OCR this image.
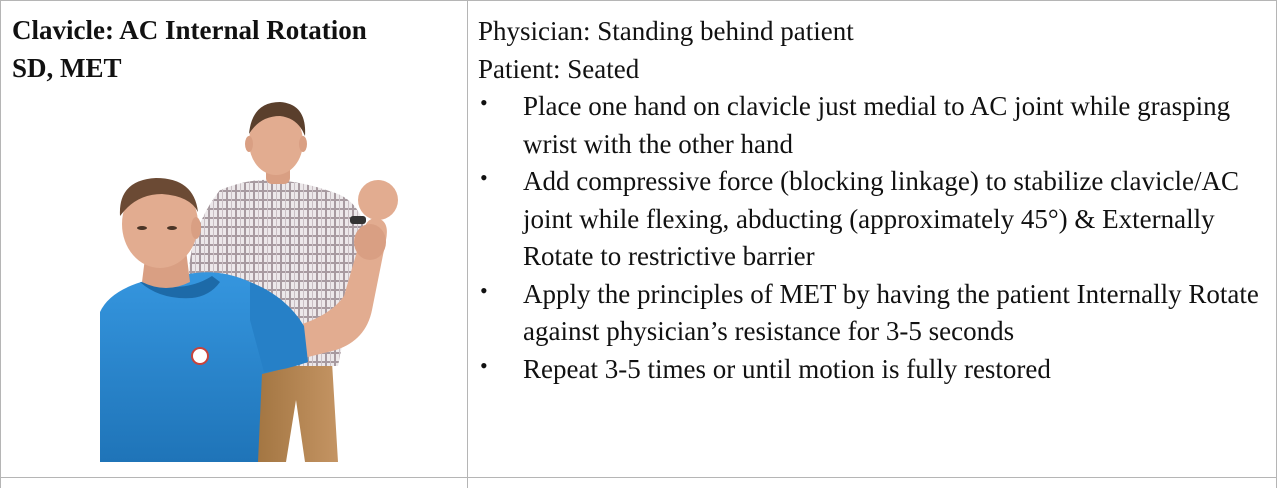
Clavicle: AC Internal Rotation
SD, MET
Physician: Standing behind patient
Patient: Seated
• Place one hand on clavicle just medial to AC joint while grasping wrist with the other hand
• Add compressive force (blocking linkage) to stabilize clavicle/AC joint while flexing, abducting (approximately 45°) & Externally Rotate to restrictive barrier
• Apply the principles of MET by having the patient Internally Rotate against physician’s resistance for 3-5 seconds
• Repeat 3-5 times or until motion is fully restored
